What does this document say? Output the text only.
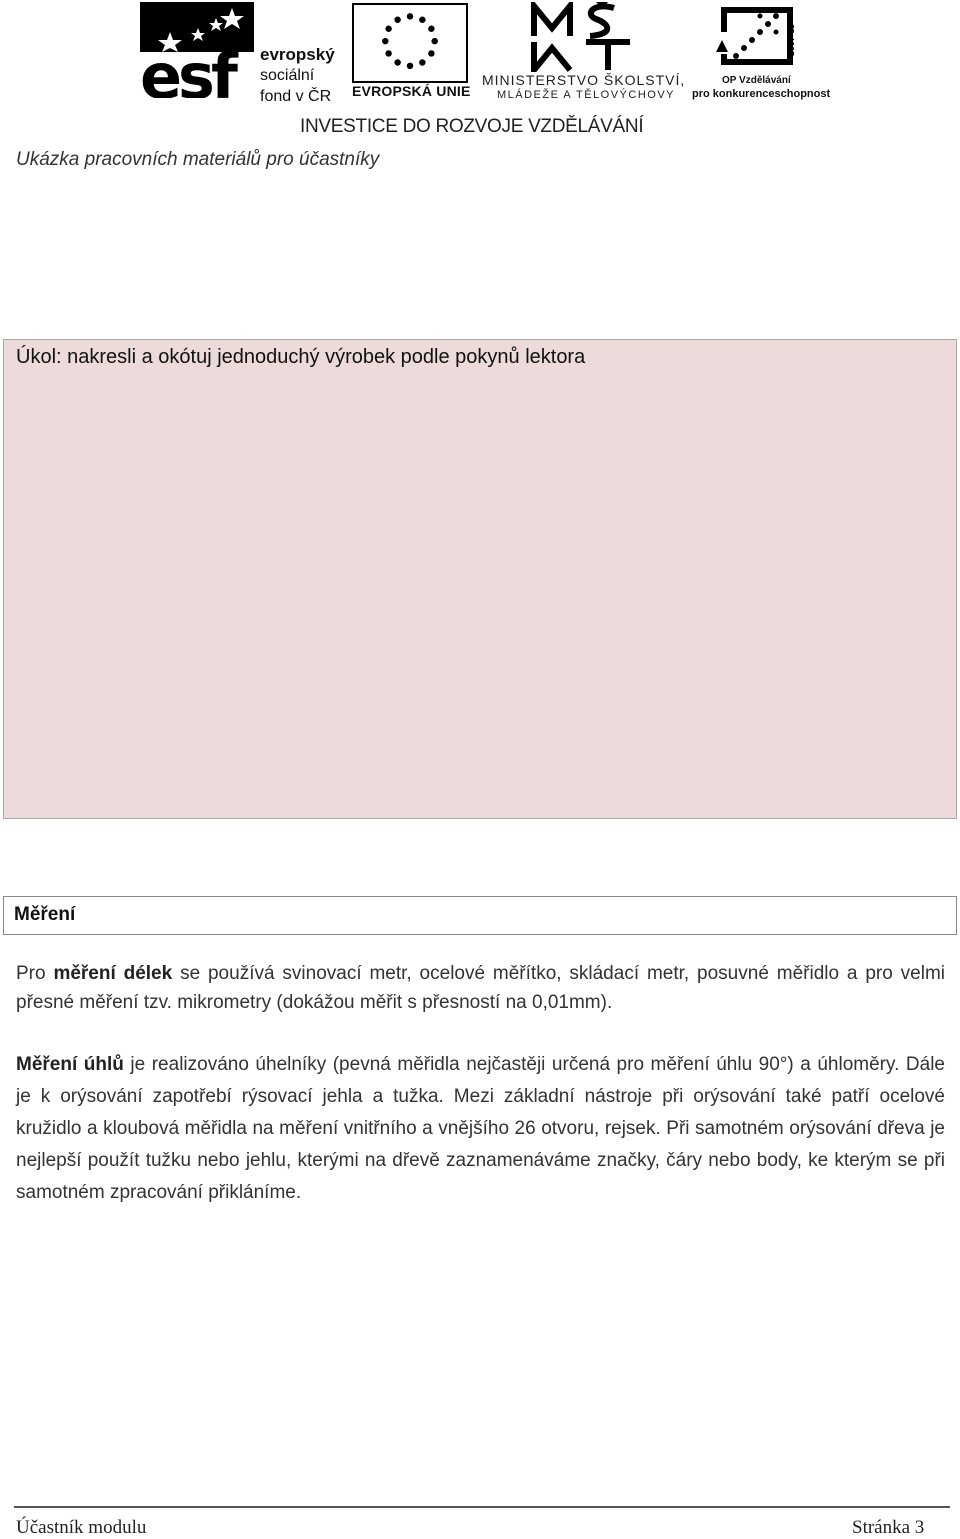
esf evropský
sociální
fond v ČR EVROPSKÁ UNIE
MINISTERSTVO ŠKOLSTVÍ,
MLÁDEŽE A TĚLOVÝCHOVY
2007-13
OP Vzdělávání
pro konkurenceschopnost
INVESTICE DO ROZVOJE VZDĚLÁVÁNÍ
Ukázka pracovních materiálů pro účastníky
Úkol: nakresli a okótuj jednoduchý výrobek podle pokynů lektora
Měření
Pro měření délek se používá svinovací metr, ocelové měřítko, skládací metr, posuvné měřidlo a pro velmi přesné měření tzv. mikrometry (dokážou měřit s přesností na 0,01mm).
Měření úhlů je realizováno úhelníky (pevná měřidla nejčastěji určená pro měření úhlu 90°) a úhloměry. Dále je k orýsování zapotřebí rýsovací jehla a tužka. Mezi základní nástroje při orýsování také patří ocelové kružidlo a kloubová měřidla na měření vnitřního a vnějšího 26 otvoru, rejsek. Při samotném orýsování dřeva je nejlepší použít tužku nebo jehlu, kterými na dřevě zaznamenáváme značky, čáry nebo body, ke kterým se při samotném zpracování přikláníme.
Účastník modulu	Stránka 3
